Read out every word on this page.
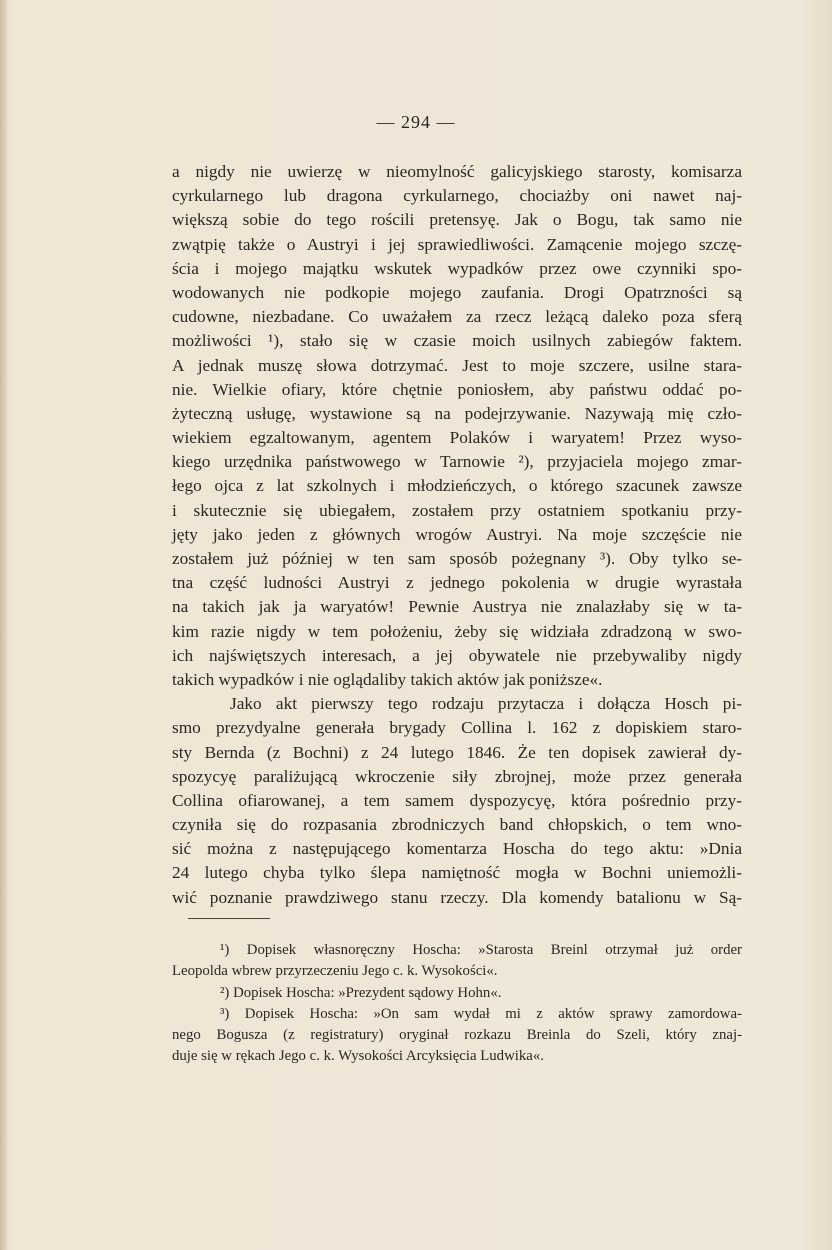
— 294 —
a nigdy nie uwierzę w nieomylność galicyjskiego starosty, komisarza
cyrkularnego lub dragona cyrkularnego, chociażby oni nawet naj-
większą sobie do tego rościli pretensyę. Jak o Bogu, tak samo nie
zwątpię także o Austryi i jej sprawiedliwości. Zamącenie mojego szczę-
ścia i mojego majątku wskutek wypadków przez owe czynniki spo-
wodowanych nie podkopie mojego zaufania. Drogi Opatrzności są
cudowne, niezbadane. Co uważałem za rzecz leżącą daleko poza sferą
możliwości ¹), stało się w czasie moich usilnych zabiegów faktem.
A jednak muszę słowa dotrzymać. Jest to moje szczere, usilne stara-
nie. Wielkie ofiary, które chętnie poniosłem, aby państwu oddać po-
żyteczną usługę, wystawione są na podejrzywanie. Nazywają mię czło-
wiekiem egzaltowanym, agentem Polaków i waryatem! Przez wyso-
kiego urzędnika państwowego w Tarnowie ²), przyjaciela mojego zmar-
łego ojca z lat szkolnych i młodzieńczych, o którego szacunek zawsze
i skutecznie się ubiegałem, zostałem przy ostatniem spotkaniu przy-
jęty jako jeden z głównych wrogów Austryi. Na moje szczęście nie
zostałem już później w ten sam sposób pożegnany ³). Oby tylko se-
tna część ludności Austryi z jednego pokolenia w drugie wyrastała
na takich jak ja waryatów! Pewnie Austrya nie znalazłaby się w ta-
kim razie nigdy w tem położeniu, żeby się widziała zdradzoną w swo-
ich najświętszych interesach, a jej obywatele nie przebywaliby nigdy
takich wypadków i nie oglądaliby takich aktów jak poniższe«.
Jako akt pierwszy tego rodzaju przytacza i dołącza Hosch pi-
smo prezydyalne generała brygady Collina l. 162 z dopiskiem staro-
sty Bernda (z Bochni) z 24 lutego 1846. Że ten dopisek zawierał dy-
spozycyę paraliżującą wkroczenie siły zbrojnej, może przez generała
Collina ofiarowanej, a tem samem dyspozycyę, która pośrednio przy-
czyniła się do rozpasania zbrodniczych band chłopskich, o tem wno-
sić można z następującego komentarza Hoscha do tego aktu: »Dnia
24 lutego chyba tylko ślepa namiętność mogła w Bochni uniemożli-
wić poznanie prawdziwego stanu rzeczy. Dla komendy batalionu w Są-
¹) Dopisek własnoręczny Hoscha: »Starosta Breinl otrzymał już order
Leopolda wbrew przyrzeczeniu Jego c. k. Wysokości«.
²) Dopisek Hoscha: »Prezydent sądowy Hohn«.
³) Dopisek Hoscha: »On sam wydał mi z aktów sprawy zamordowa-
nego Bogusza (z registratury) oryginał rozkazu Breinla do Szeli, który znaj-
duje się w rękach Jego c. k. Wysokości Arcyksięcia Ludwika«.
